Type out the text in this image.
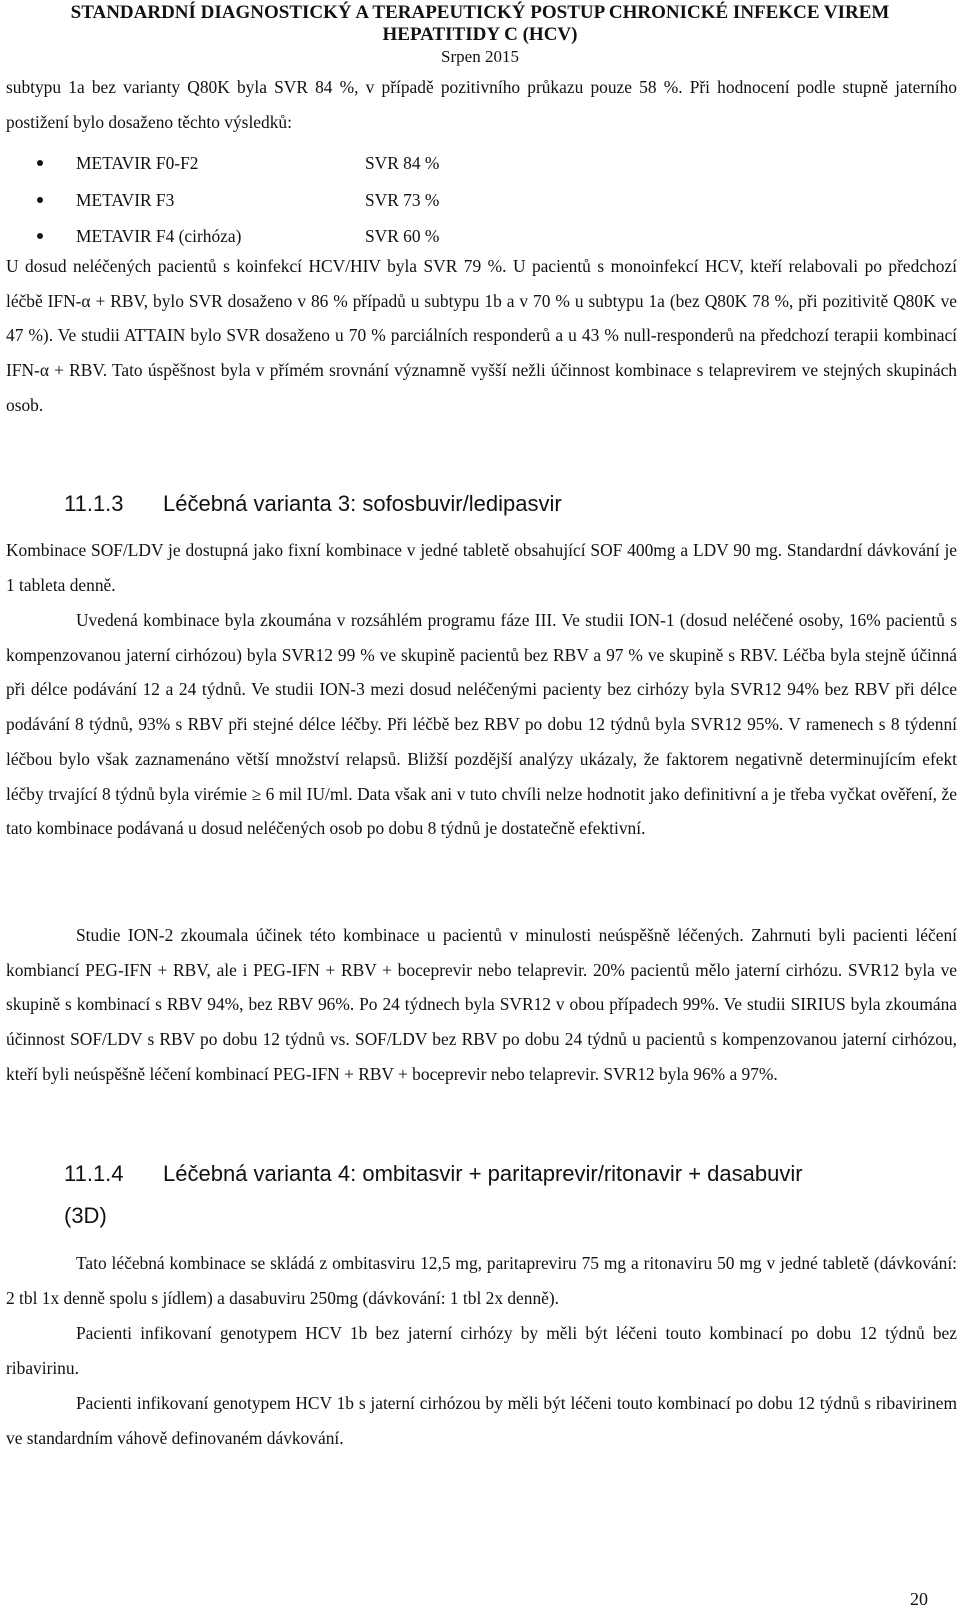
STANDARDNÍ DIAGNOSTICKÝ A TERAPEUTICKÝ POSTUP CHRONICKÉ INFEKCE VIREM
HEPATITIDY C (HCV)
Srpen 2015

subtypu 1a bez varianty Q80K byla SVR 84 %, v případě pozitivního průkazu pouze 58 %. Při hodnocení podle stupně jaterního postižení bylo dosaženo těchto výsledků:

METAVIR F0-F2	SVR 84 %
METAVIR F3	SVR 73 %
METAVIR F4 (cirhóza)	SVR 60 %

U dosud neléčených pacientů s koinfekcí HCV/HIV byla SVR 79 %. U pacientů s monoinfekcí HCV, kteří relabovali po předchozí léčbě IFN-α + RBV, bylo SVR dosaženo v 86 % případů u subtypu 1b a v 70 % u subtypu 1a (bez Q80K 78 %, při pozitivitě Q80K ve 47 %). Ve studii ATTAIN bylo SVR dosaženo u 70 % parciálních responderů a u 43 % null-responderů na předchozí terapii kombinací IFN-α + RBV. Tato úspěšnost byla v přímém srovnání významně vyšší nežli účinnost kombinace s telaprevirem ve stejných skupinách osob.

11.1.3 Léčebná varianta 3: sofosbuvir/ledipasvir

Kombinace SOF/LDV je dostupná jako fixní kombinace v jedné tabletě obsahující SOF 400mg a LDV 90 mg. Standardní dávkování je 1 tableta denně.

Uvedená kombinace byla zkoumána v rozsáhlém programu fáze III. Ve studii ION-1 (dosud neléčené osoby, 16% pacientů s kompenzovanou jaterní cirhózou) byla SVR12 99 % ve skupině pacientů bez RBV a 97 % ve skupině s RBV. Léčba byla stejně účinná při délce podávání 12 a 24 týdnů. Ve studii ION-3 mezi dosud neléčenými pacienty bez cirhózy byla SVR12 94% bez RBV při délce podávání 8 týdnů, 93% s RBV při stejné délce léčby. Při léčbě bez RBV po dobu 12 týdnů byla SVR12 95%. V ramenech s 8 týdenní léčbou bylo však zaznamenáno větší množství relapsů. Bližší pozdější analýzy ukázaly, že faktorem negativně determinujícím efekt léčby trvající 8 týdnů byla virémie ≥ 6 mil IU/ml. Data však ani v tuto chvíli nelze hodnotit jako definitivní a je třeba vyčkat ověření, že tato kombinace podávaná u dosud neléčených osob po dobu 8 týdnů je dostatečně efektivní.

Studie ION-2 zkoumala účinek této kombinace u pacientů v minulosti neúspěšně léčených. Zahrnuti byli pacienti léčení kombiancí PEG-IFN + RBV, ale i PEG-IFN + RBV + boceprevir nebo telaprevir. 20% pacientů mělo jaterní cirhózu. SVR12 byla ve skupině s kombinací s RBV 94%, bez RBV 96%. Po 24 týdnech byla SVR12 v obou případech 99%. Ve studii SIRIUS byla zkoumána účinnost SOF/LDV s RBV po dobu 12 týdnů vs. SOF/LDV bez RBV po dobu 24 týdnů u pacientů s kompenzovanou jaterní cirhózou, kteří byli neúspěšně léčení kombinací PEG-IFN + RBV + boceprevir nebo telaprevir. SVR12 byla 96% a 97%.

11.1.4 Léčebná varianta 4: ombitasvir + paritaprevir/ritonavir + dasabuvir
(3D)

Tato léčebná kombinace se skládá z ombitasviru 12,5 mg, paritapreviru 75 mg a ritonaviru 50 mg v jedné tabletě (dávkování: 2 tbl 1x denně spolu s jídlem) a dasabuviru 250mg (dávkování: 1 tbl 2x denně).

Pacienti infikovaní genotypem HCV 1b bez jaterní cirhózy by měli být léčeni touto kombinací po dobu 12 týdnů bez ribavirinu.

Pacienti infikovaní genotypem HCV 1b s jaterní cirhózou by měli být léčeni touto kombinací po dobu 12 týdnů s ribavirinem ve standardním váhově definovaném dávkování.

20
